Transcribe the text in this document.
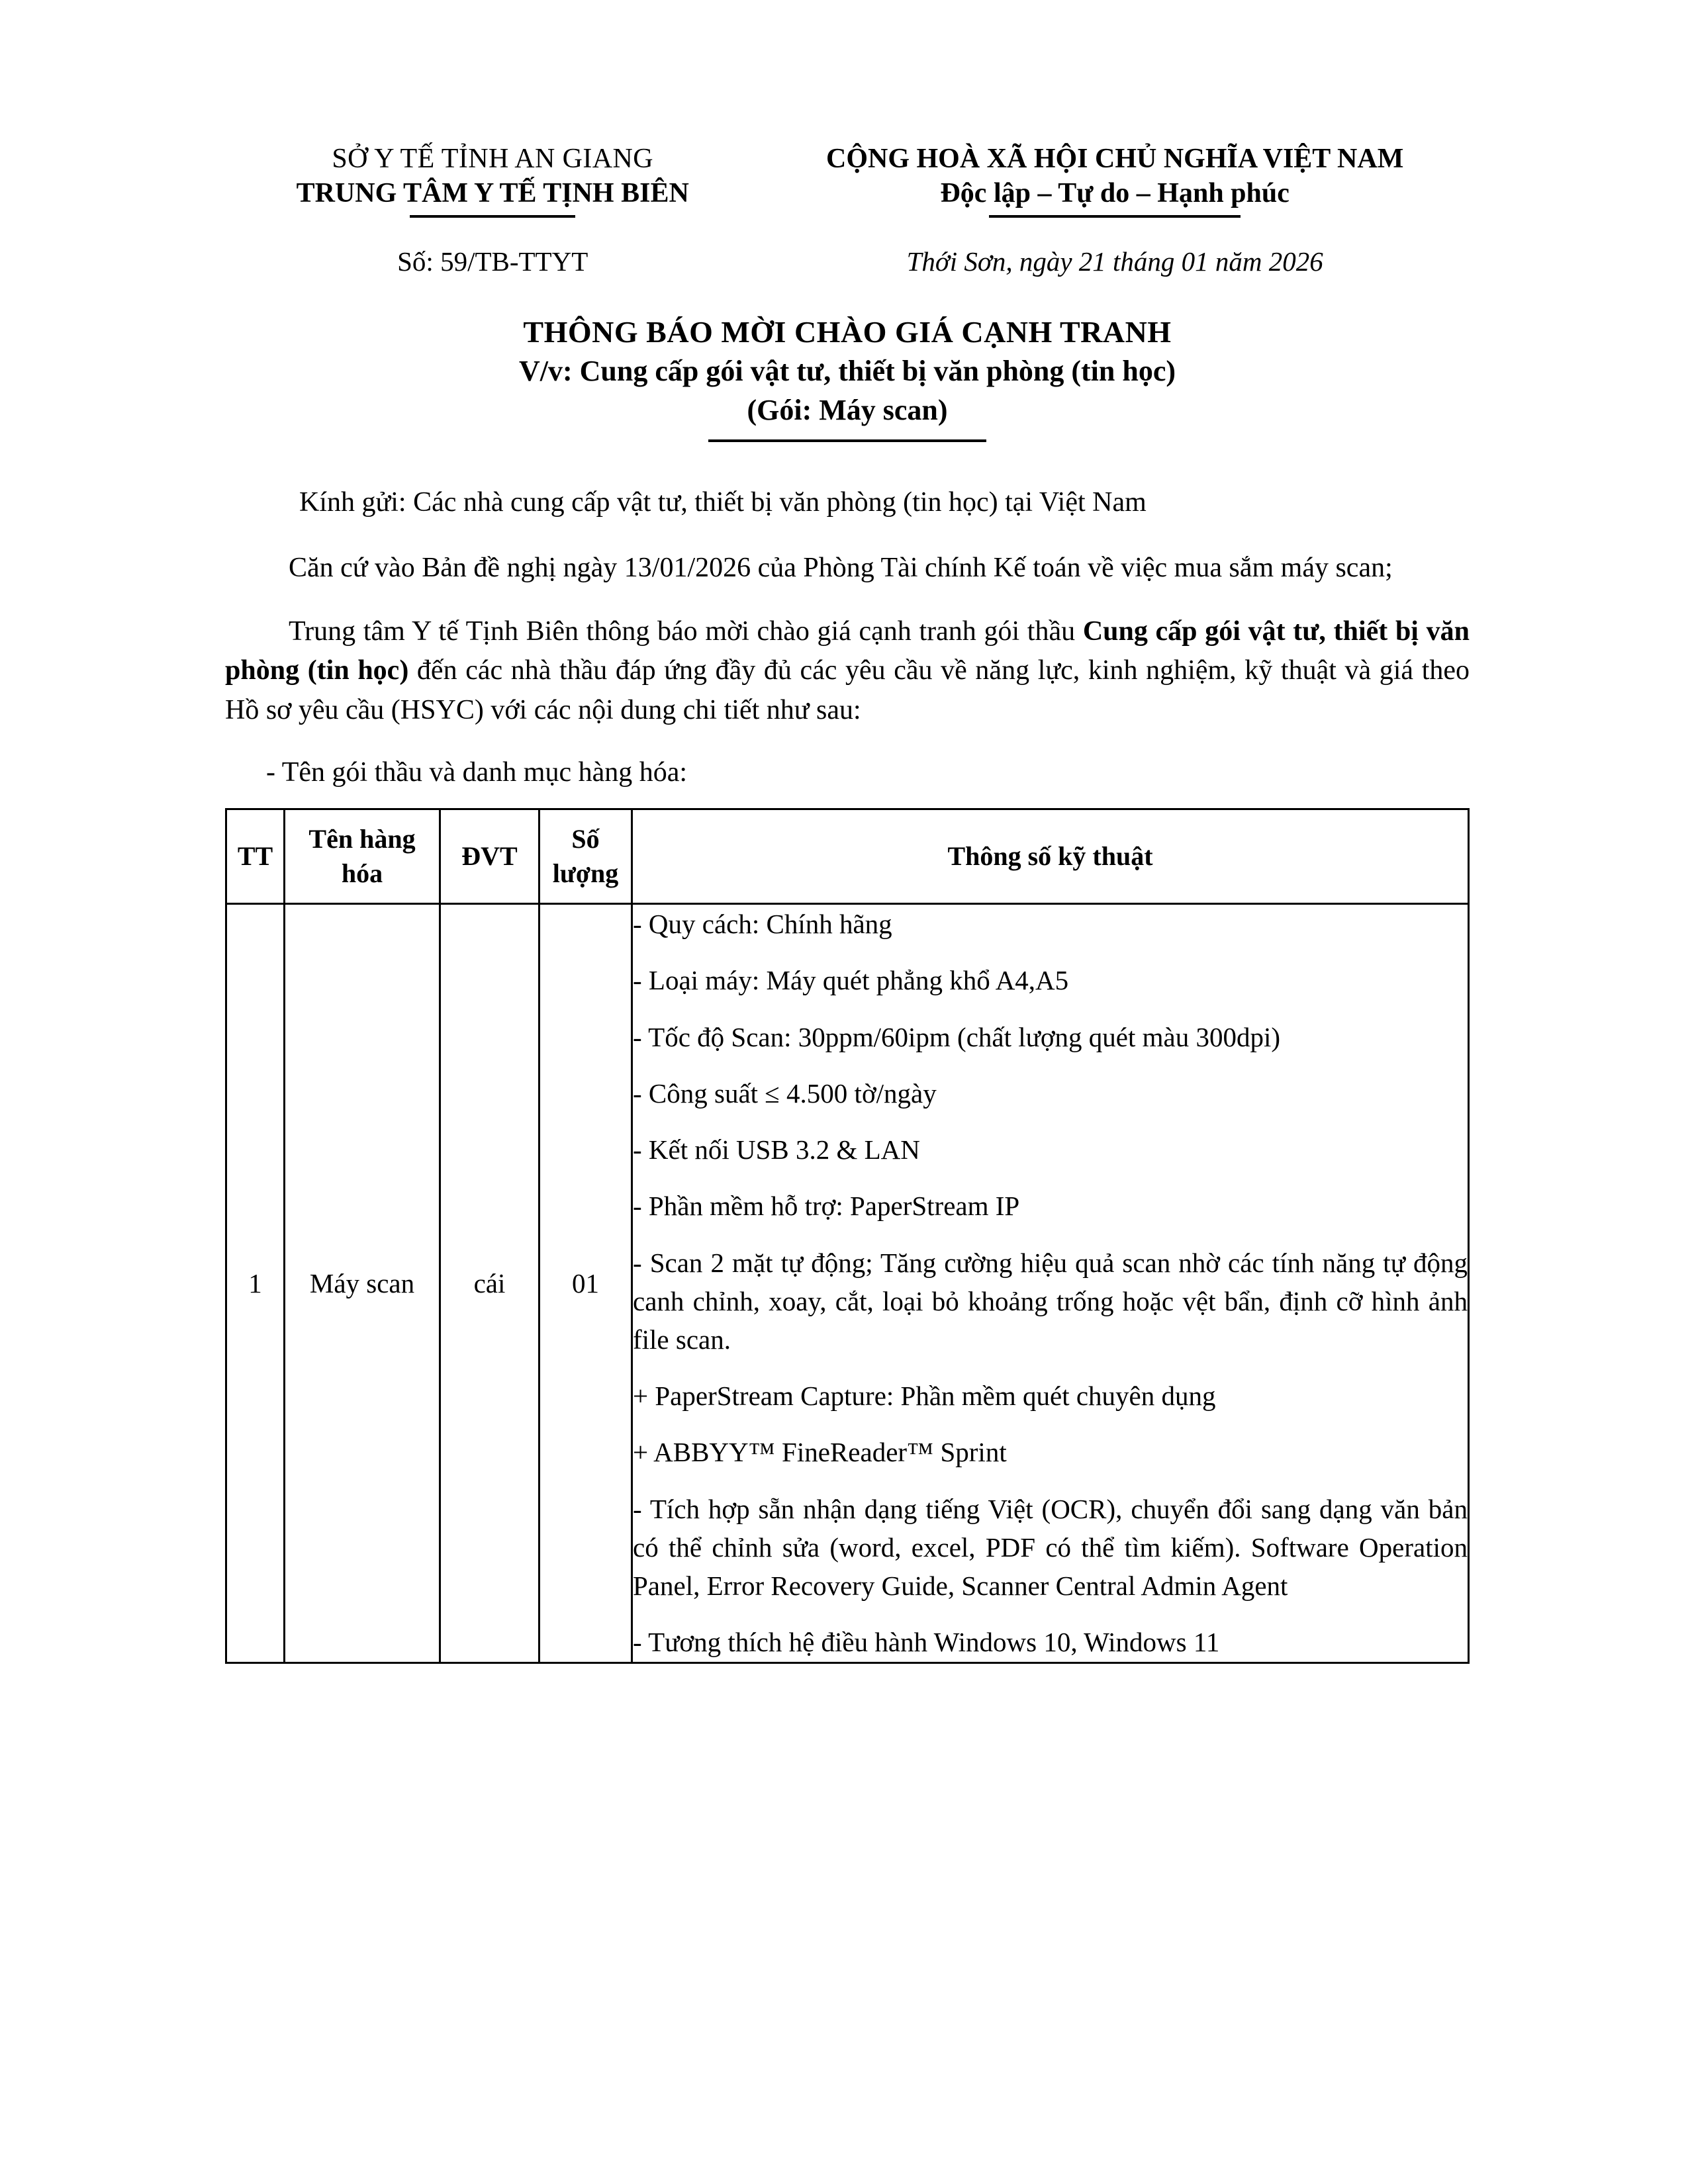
SỞ Y TẾ TỈNH AN GIANG
TRUNG TÂM Y TẾ TỊNH BIÊN
CỘNG HOÀ XÃ HỘI CHỦ NGHĨA VIỆT NAM
Độc lập – Tự do – Hạnh phúc
Số: 59/TB-TTYT	Thới Sơn, ngày 21 tháng 01 năm 2026
THÔNG BÁO MỜI CHÀO GIÁ CẠNH TRANH
V/v: Cung cấp gói vật tư, thiết bị văn phòng (tin học)
(Gói: Máy scan)
Kính gửi: Các nhà cung cấp vật tư, thiết bị văn phòng (tin học) tại Việt Nam
Căn cứ vào Bản đề nghị ngày 13/01/2026 của Phòng Tài chính Kế toán về việc mua sắm máy scan;
Trung tâm Y tế Tịnh Biên thông báo mời chào giá cạnh tranh gói thầu Cung cấp gói vật tư, thiết bị văn phòng (tin học) đến các nhà thầu đáp ứng đầy đủ các yêu cầu về năng lực, kinh nghiệm, kỹ thuật và giá theo Hồ sơ yêu cầu (HSYC) với các nội dung chi tiết như sau:
- Tên gói thầu và danh mục hàng hóa:
TT	Tên hàng hóa	ĐVT	Số lượng	Thông số kỹ thuật
1	Máy scan	cái	01	

- Quy cách: Chính hãng

- Loại máy: Máy quét phẳng khổ A4,A5

- Tốc độ Scan: 30ppm/60ipm (chất lượng quét màu 300dpi)

- Công suất ≤ 4.500 tờ/ngày

- Kết nối USB 3.2 & LAN

- Phần mềm hỗ trợ: PaperStream IP

- Scan 2 mặt tự động; Tăng cường hiệu quả scan nhờ các tính năng tự động canh chỉnh, xoay, cắt, loại bỏ khoảng trống hoặc vệt bẩn, định cỡ hình ảnh file scan.

+ PaperStream Capture: Phần mềm quét chuyên dụng

+ ABBYY™ FineReader™ Sprint

- Tích hợp sẵn nhận dạng tiếng Việt (OCR), chuyển đổi sang dạng văn bản có thể chỉnh sửa (word, excel, PDF có thể tìm kiếm). Software Operation Panel, Error Recovery Guide, Scanner Central Admin Agent

- Tương thích hệ điều hành Windows 10, Windows 11
